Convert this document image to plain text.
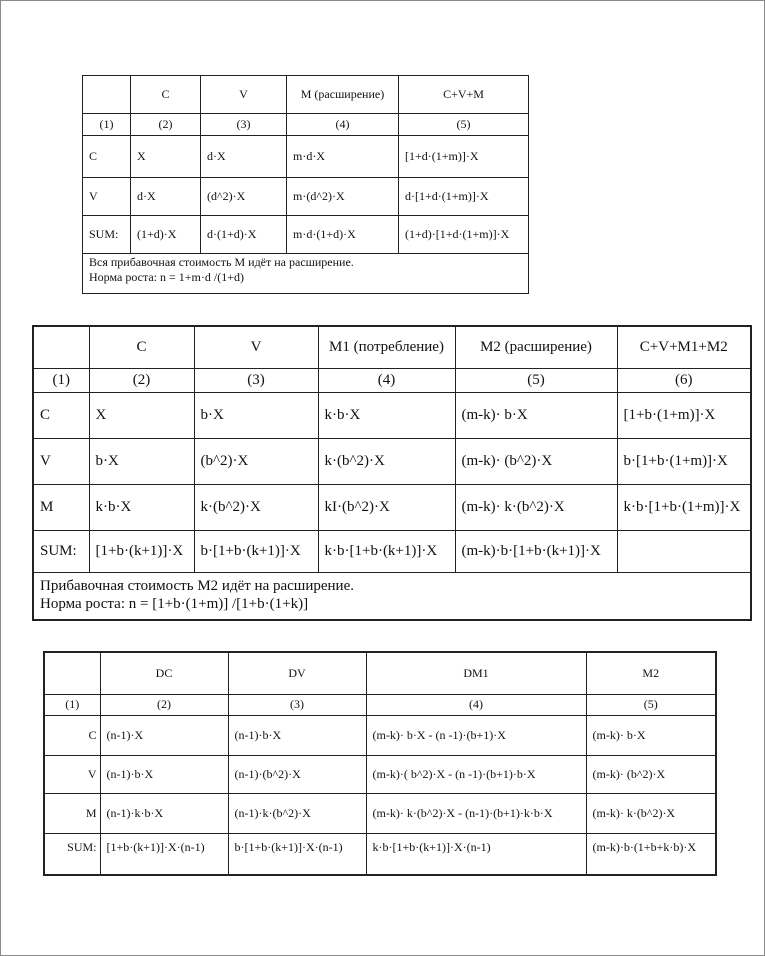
	C	V	M (расширение)	C+V+M
(1)	(2)	(3)	(4)	(5)
C	X	d·X	m·d·X	[1+d·(1+m)]·X
V	d·X	(d^2)·X	m·(d^2)·X	d·[1+d·(1+m)]·X
SUM:	(1+d)·X	d·(1+d)·X	m·d·(1+d)·X	(1+d)·[1+d·(1+m)]·X

Вся прибавочная стоимость M идёт на расширение.
Норма роста: n = 1+m·d /(1+d)				
	C	V	M1 (потребление)	M2 (расширение)	C+V+M1+M2
(1)	(2)	(3)	(4)	(5)	(6)
C	X	b·X	k·b·X	(m-k)· b·X	[1+b·(1+m)]·X
V	b·X	(b^2)·X	k·(b^2)·X	(m-k)· (b^2)·X	b·[1+b·(1+m)]·X
M	k·b·X	k·(b^2)·X	kI·(b^2)·X	(m-k)· k·(b^2)·X	k·b·[1+b·(1+m)]·X
SUM:	[1+b·(k+1)]·X	b·[1+b·(k+1)]·X	k·b·[1+b·(k+1)]·X	(m-k)·b·[1+b·(k+1)]·X	

Прибавочная стоимость M2 идёт на расширение.
Норма роста: n = [1+b·(1+m)] /[1+b·(1+k)]					
	DC	DV	DM1	M2
(1)	(2)	(3)	(4)	(5)
C	(n-1)·X	(n-1)·b·X	(m-k)· b·X - (n -1)·(b+1)·X	(m-k)· b·X
V	(n-1)·b·X	(n-1)·(b^2)·X	(m-k)·( b^2)·X - (n -1)·(b+1)·b·X	(m-k)· (b^2)·X
M	(n-1)·k·b·X	(n-1)·k·(b^2)·X	(m-k)· k·(b^2)·X - (n-1)·(b+1)·k·b·X	(m-k)· k·(b^2)·X
SUM:	[1+b·(k+1)]·X·(n-1)	b·[1+b·(k+1)]·X·(n-1)	k·b·[1+b·(k+1)]·X·(n-1)	(m-k)·b·(1+b+k·b)·X
